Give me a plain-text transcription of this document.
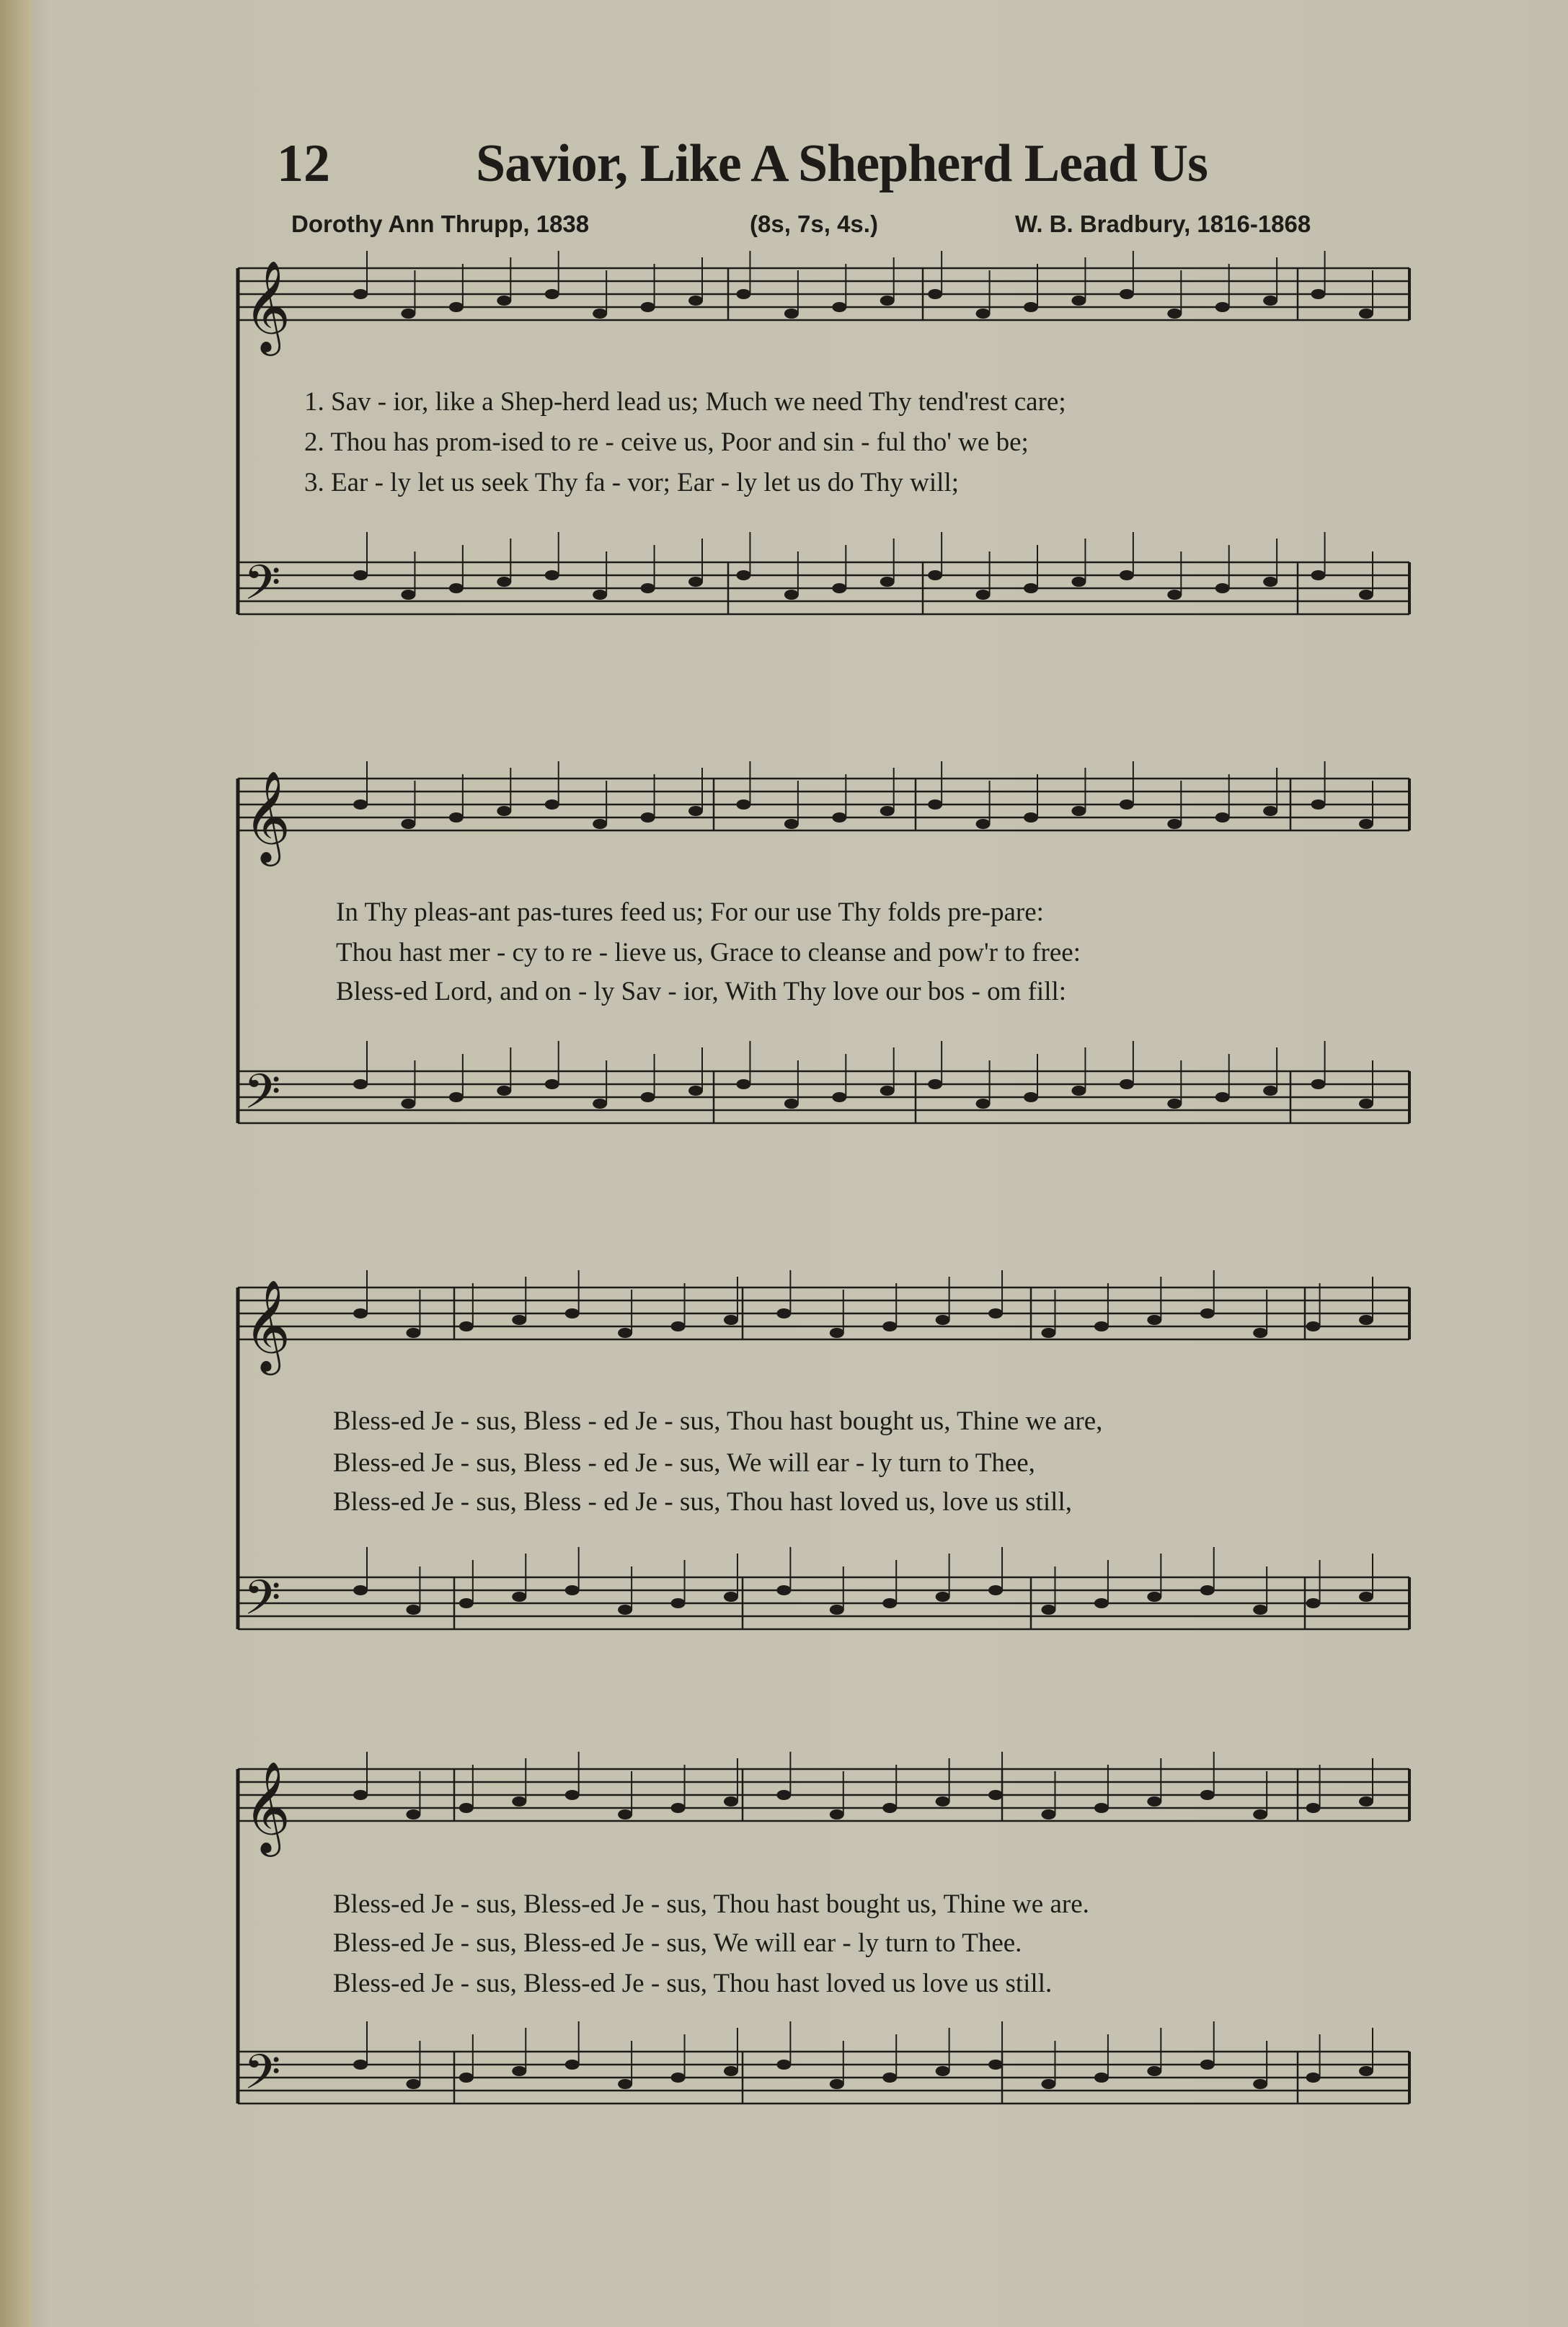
12	Savior, Like A Shepherd Lead Us
Dorothy Ann Thrupp, 1838	(8s, 7s, 4s.)	W. B. Bradbury, 1816-1868
𝄞
𝄢
𝄞
𝄢
𝄞
𝄢
𝄞
𝄢
1. Sav - ior, like a Shep-herd lead us; Much we need Thy tend'rest care;
2. Thou has prom-ised to re - ceive us, Poor and sin - ful tho' we be;
3. Ear - ly let us seek Thy fa - vor; Ear - ly let us do Thy will;
In Thy pleas-ant pas-tures feed us; For our use Thy folds pre-pare:
Thou hast mer - cy to re - lieve us, Grace to cleanse and pow'r to free:
Bless-ed Lord, and on - ly Sav - ior, With Thy love our bos - om fill:
Bless-ed Je - sus, Bless - ed Je - sus, Thou hast bought us, Thine we are,
Bless-ed Je - sus, Bless - ed Je - sus, We will ear - ly turn to Thee,
Bless-ed Je - sus, Bless - ed Je - sus, Thou hast loved us, love us still,
Bless-ed Je - sus, Bless-ed Je - sus, Thou hast bought us, Thine we are.
Bless-ed Je - sus, Bless-ed Je - sus, We will ear - ly turn to Thee.
Bless-ed Je - sus, Bless-ed Je - sus, Thou hast loved us love us still.
